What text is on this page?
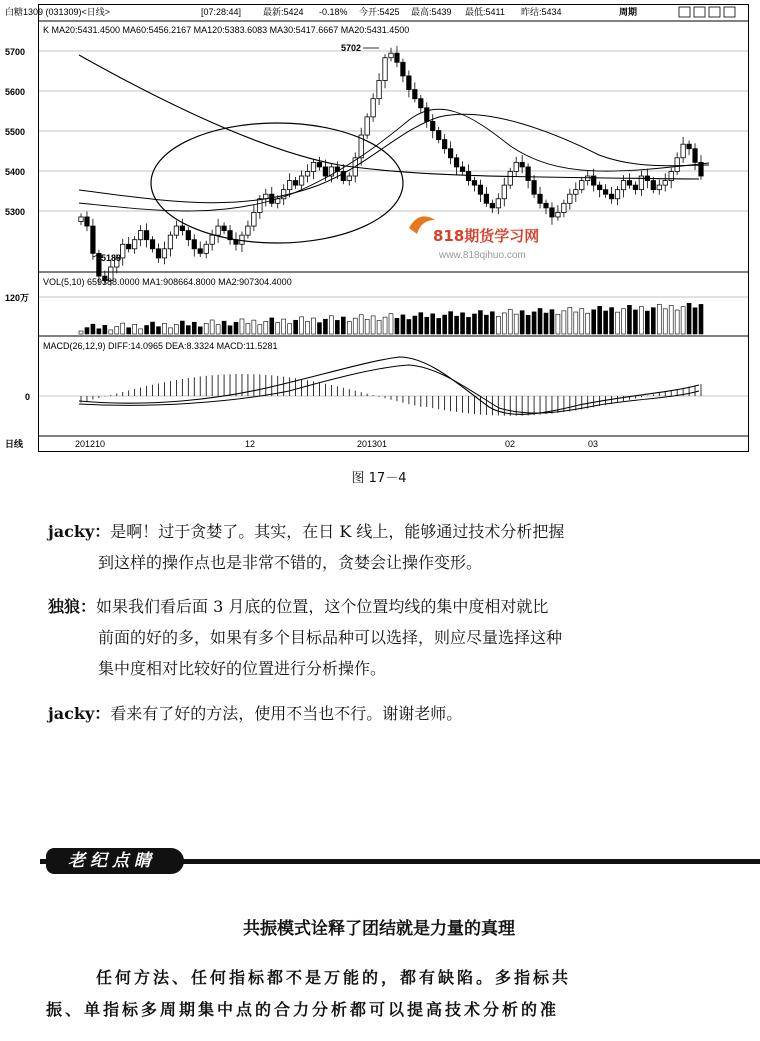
白糖1309 (031309)<日线>	[07:28:44] 最新:5424 -0.18% 今开:5425 最高:5439 最低:5411 昨结:5434	周期
5700
5600
5500
5400
5300
K MA20:5431.4500 MA60:5456.2167 MA120:5383.6083 MA30:5417.6667 MA20:5431.4500
5702
5188
818期货学习网
www.818qihuo.com
VOL(5,10) 659388.0000 MA1:908664.8000 MA2:907304.4000
120万
MACD(26,12,9) DIFF:14.0965 DEA:8.3324 MACD:11.5281
0
日线	201210	12	201301	02	03
图 17－4
jacky：是啊！过于贪婪了。其实，在日 K 线上，能够通过技术分析把握
到这样的操作点也是非常不错的，贪婪会让操作变形。
独狼：如果我们看后面 3 月底的位置，这个位置均线的集中度相对就比
前面的好的多，如果有多个目标品种可以选择，则应尽量选择这种
集中度相对比较好的位置进行分析操作。
jacky：看来有了好的方法，使用不当也不行。谢谢老师。
老纪点睛
共振模式诠释了团结就是力量的真理
任何方法、任何指标都不是万能的，都有缺陷。多指标共
振、单指标多周期集中点的合力分析都可以提高技术分析的准
